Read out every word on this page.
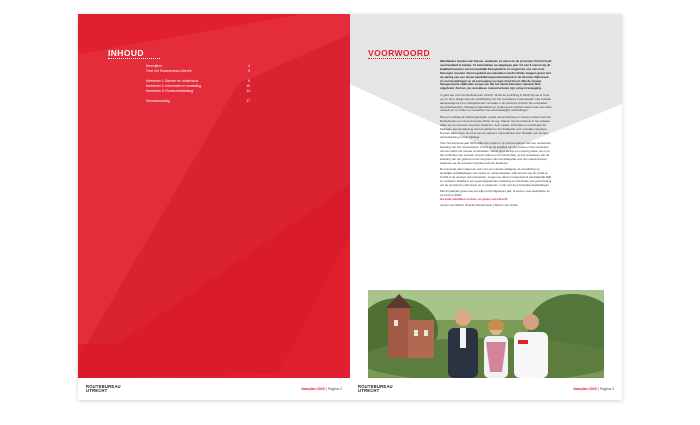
INHOUD
Kerncijfers	4
Over het Routebureau Utrecht	5
Kernteam 1: Beheer en onderhoud	6
Kernteam 2: Informatie en marketing	10
Kernteam 3: Routeontwikkeling	14
Verantwoording	17
ROUTEBUREAU
UTRECHT	Jaarplan 2020 | Pagina 2
VOORWOORD

Wandelaars houden van fietsen, wandelen en varen en de provincie Utrecht heeft veel kwaliteit te bieden. Ze behandelen we afgelopen jaar 4,5 van 6 sterren bij de kwaliteitsmonitor van het landelijk Fietsplatform en mogen we ons met trots fietsregio noemen. Op het gebied van wandelen werden flinke stappen gezet met de aanleg van een nieuw wandelknooppuntennetwerk in de Kromme Rijnstreek en voorbereidingen op de toevoeging en regio Amersfoort. Met de nieuwe fietsgesmente stijlfouten zorgen we dat het aantal kilometer netwerk flink uitgebreid. Kortom, de recreatieve routestructuren zijn volop in beweging.

In geld van voor het Routebureau Utrecht. Sinds de oprichting in 2013 zijn we er trots op om bij te dragen aan de ontwikkeling van het recreatieve routenetwerk. Het centrale aanspreekpunt voor routegebonden recreatie in de provincie Utrecht. De overheden, terreinbeheerders, belangenorganisaties en ondernemers werken samen aan één sterk netwerk en zo vinden en versterken we ook belangrijke verbindingen.

Met een verbeterde basisorganisatie, goede samenwerking en nieuwe routes heeft het Routebureau een succesvol jaar achter de rug. Samen met de partners in het netwerk willen we de recreant nog beter bedienen, door routes, informatie en ervaringen die bijdragen aan de beleving van het gebied en het draagvlak voor recreatie vergroten. Dat kan alleen door de inzet van de partners: wij bedanken hen hartelijk voor de fijne samenwerking en hun bijdrage.

Voor het komende jaar 2020 willen we verder in op het bevorderen van een verbeterde beleving van het routenetwerk. Focus op de kwaliteit van de routes en het versterken van de markt met nieuwe combinaties. Vanuit onze kennis en ervaring zetten we in op het verbinden van mensen met de natuur en het landschap, op het verbeteren van de beleving van het gebied en het vergroten van het draagvlak voor de routestructuren, waarmee we de recreant nog beter kunnen bedienen.

De komende jaren staan we ook voor een nieuwe uitdaging: de aansluiting op landelijke ontwikkelingen van routes en routenetwerken. Met kennis van de markt en inzicht in de wensen van recreanten, zorgen we dat het routenetwerk aantrekkelijk blijft en verbetert. Daarbij is een goed afgestemde marketing en informatie van groot belang om de recreant te informeren en te inspireren, in lijn met de provinciale doelstellingen.

Met dit jaarplan geven we een kijk op het afgelopen jaar. Ik wens u veel leesplezier en tot ziens in 2020.

Ga maar wandelen en fiets, en geniet van Utrecht

Jeroen van Waart | Directie Routebureau | Manon van Onder

ROUTEBUREAU
UTRECHT	Jaarplan 2020 | Pagina 3
